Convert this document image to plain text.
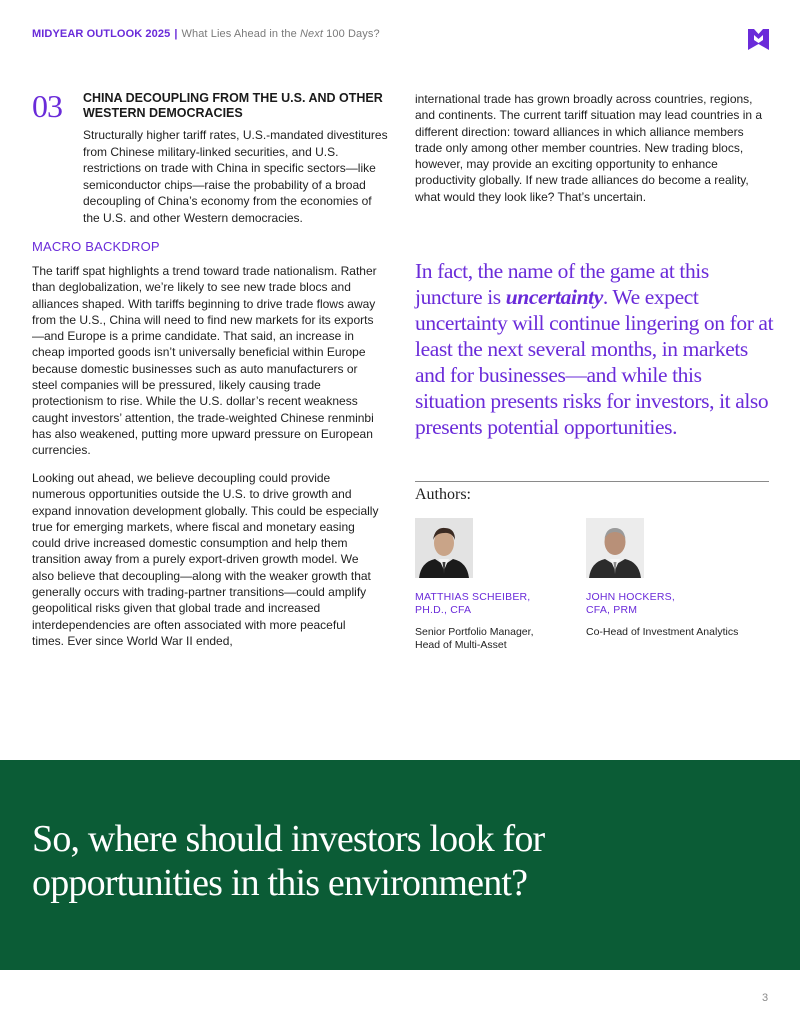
MIDYEAR OUTLOOK 2025 | What Lies Ahead in the Next 100 Days?
03 CHINA DECOUPLING FROM THE U.S. AND OTHER WESTERN DEMOCRACIES
Structurally higher tariff rates, U.S.-mandated divestitures from Chinese military-linked securities, and U.S. restrictions on trade with China in specific sectors—like semiconductor chips—raise the probability of a broad decoupling of China’s economy from the economies of the U.S. and other Western democracies.
MACRO BACKDROP
The tariff spat highlights a trend toward trade nationalism. Rather than deglobalization, we’re likely to see new trade blocs and alliances shaped. With tariffs beginning to drive trade flows away from the U.S., China will need to find new markets for its exports—and Europe is a prime candidate. That said, an increase in cheap imported goods isn’t universally beneficial within Europe because domestic businesses such as auto manufacturers or steel companies will be pressured, likely causing trade protectionism to rise. While the U.S. dollar’s recent weakness caught investors’ attention, the trade-weighted Chinese renminbi has also weakened, putting more upward pressure on European currencies.
Looking out ahead, we believe decoupling could provide numerous opportunities outside the U.S. to drive growth and expand innovation development globally. This could be especially true for emerging markets, where fiscal and monetary easing could drive increased domestic consumption and help them transition away from a purely export-driven growth model. We also believe that decoupling—along with the weaker growth that generally occurs with trading-partner transitions—could amplify geopolitical risks given that global trade and increased interdependencies are often associated with more peaceful times. Ever since World War II ended,
international trade has grown broadly across countries, regions, and continents. The current tariff situation may lead countries in a different direction: toward alliances in which alliance members trade only among other member countries. New trading blocs, however, may provide an exciting opportunity to enhance productivity globally. If new trade alliances do become a reality, what would they look like? That’s uncertain.
In fact, the name of the game at this juncture is uncertainty. We expect uncertainty will continue lingering on for at least the next several months, in markets and for businesses—and while this situation presents risks for investors, it also presents potential opportunities.
Authors:
MATTHIAS SCHEIBER,
PH.D., CFA
Senior Portfolio Manager,
Head of Multi-Asset
JOHN HOCKERS,
CFA, PRM
Co-Head of Investment Analytics
So, where should investors look for
opportunities in this environment?
3
